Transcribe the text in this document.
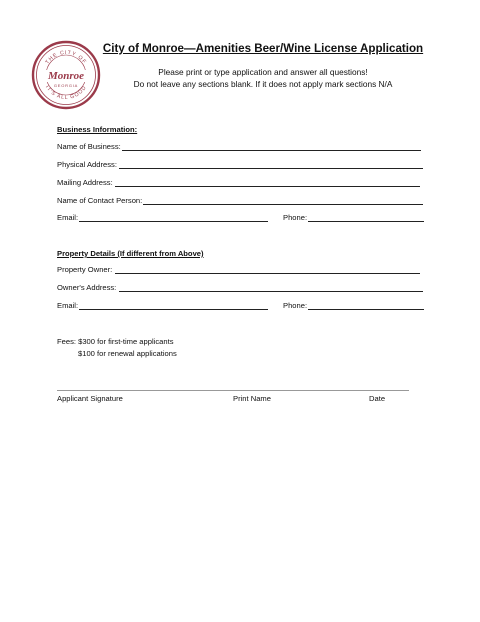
THE CITY OF
IT'S ALL GOOD
Monroe
GEORGIA
City of Monroe—Amenities Beer/Wine License Application
Please print or type application and answer all questions!
Do not leave any sections blank. If it does not apply mark sections N/A
Business Information:
Name of Business:
Physical Address:
Mailing Address:
Name of Contact Person:
Email:	Phone:
Property Details (If different from Above)
Property Owner:
Owner's Address:
Email:	Phone:
Fees: $300 for first-time applicants
$100 for renewal applications
Applicant Signature	Print Name	Date
